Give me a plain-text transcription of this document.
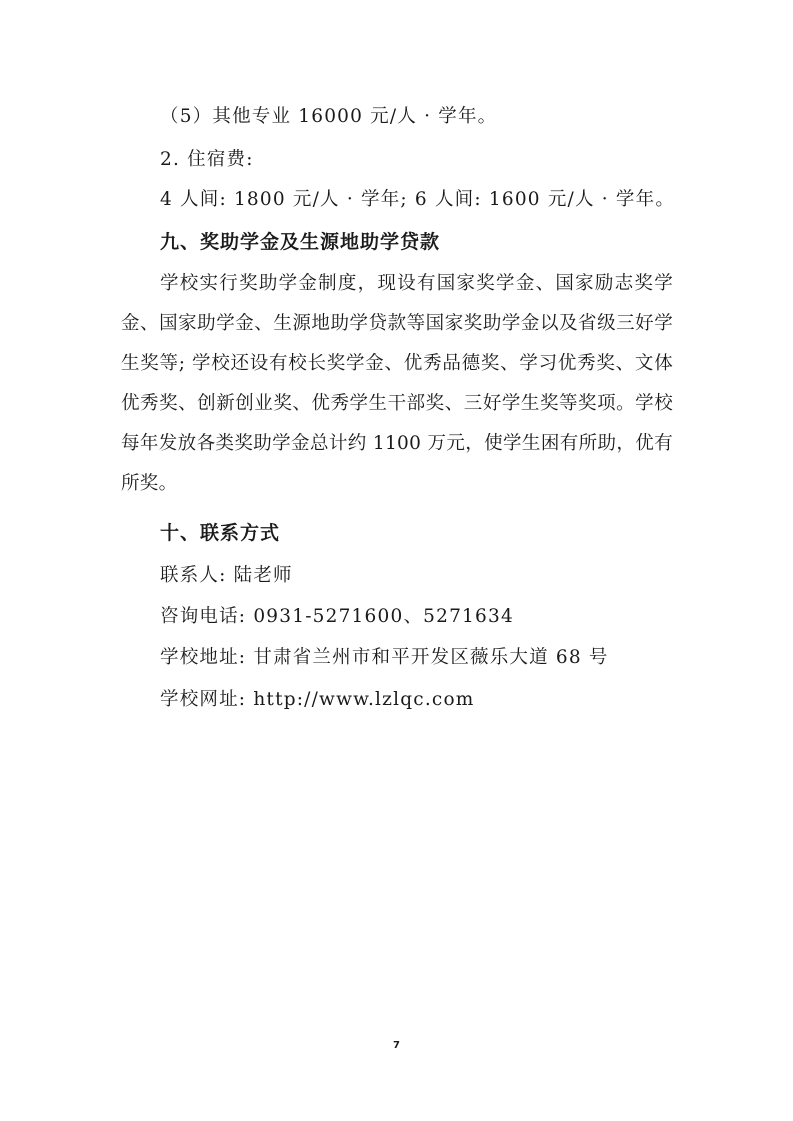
（5）其他专业 16000 元/人 · 学年。
2. 住宿费:
4 人间: 1800 元/人 · 学年; 6 人间: 1600 元/人 · 学年。
九、奖助学金及生源地助学贷款
学校实行奖助学金制度，现设有国家奖学金、国家励志奖学金、国家助学金、生源地助学贷款等国家奖助学金以及省级三好学生奖等; 学校还设有校长奖学金、优秀品德奖、学习优秀奖、文体优秀奖、创新创业奖、优秀学生干部奖、三好学生奖等奖项。学校每年发放各类奖助学金总计约 1100 万元，使学生困有所助，优有所奖。
十、联系方式
联系人: 陆老师
咨询电话: 0931-5271600、5271634
学校地址: 甘肃省兰州市和平开发区薇乐大道 68 号
学校网址: http://www.lzlqc.com
7
